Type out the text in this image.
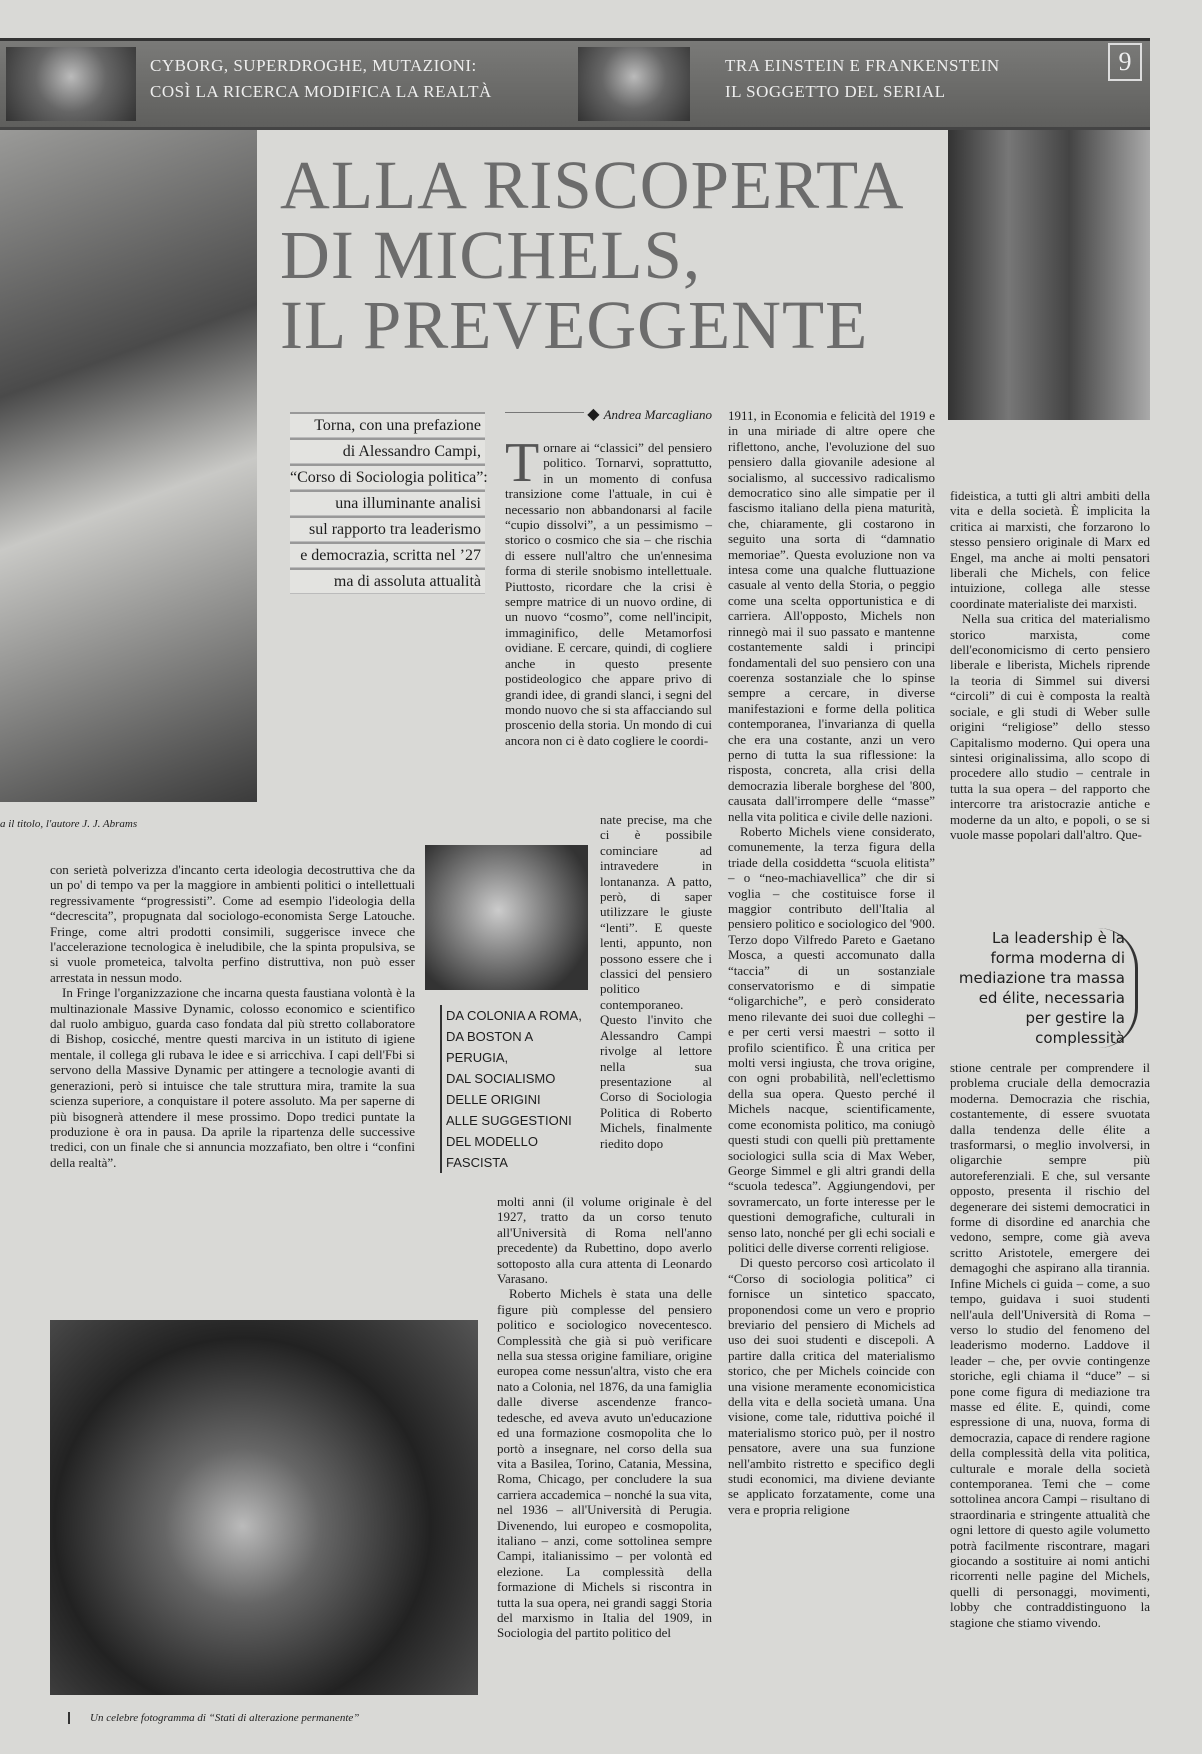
CYBORG, SUPERDROGHE, MUTAZIONI:
COSÌ LA RICERCA MODIFICA LA REALTÀ
TRA EINSTEIN E FRANKENSTEIN
IL SOGGETTO DEL SERIAL
9
a il titolo, l'autore J. J. Abrams
ALLA RISCOPERTA
DI MICHELS,
IL PREVEGGENTE
Torna, con una prefazione
di Alessandro Campi,
“Corso di Sociologia politica”:
una illuminante analisi
sul rapporto tra leaderismo
e democrazia, scritta nel ’27
ma di assoluta attualità
◆ Andrea Marcagliano
T ornare ai “classici” del pensiero politico. Tornarvi, soprattutto, in un momento di confusa transizione come l'attuale, in cui è necessario non abbandonarsi al facile “cupio dissolvi”, a un pessimismo – storico o cosmico che sia – che rischia di essere null'altro che un'ennesima forma di sterile snobismo intellettuale. Piuttosto, ricordare che la crisi è sempre matrice di un nuovo ordine, di un nuovo “cosmo”, come nell'incipit, immaginifico, delle Metamorfosi ovidiane. E cercare, quindi, di cogliere anche in questo presente postideologico che appare privo di grandi idee, di grandi slanci, i segni del mondo nuovo che si sta affacciando sul proscenio della storia. Un mondo di cui ancora non ci è dato cogliere le coordi-

nate precise, ma che ci è possibile cominciare ad intravedere in lontananza. A patto, però, di saper utilizzare le giuste “lenti”. E queste lenti, appunto, non possono essere che i classici del pensiero politico contemporaneo. Questo l'invito che Alessandro Campi rivolge al lettore nella sua presentazione al Corso di Sociologia Politica di Roberto Michels, finalmente riedito dopo

molti anni (il volume originale è del 1927, tratto da un corso tenuto all'Università di Roma nell'anno precedente) da Rubettino, dopo averlo sottoposto alla cura attenta di Leonardo Varasano.

Roberto Michels è stata una delle figure più complesse del pensiero politico e sociologico novecentesco. Complessità che già si può verificare nella sua stessa origine familiare, origine europea come nessun'altra, visto che era nato a Colonia, nel 1876, da una famiglia dalle diverse ascendenze franco-tedesche, ed aveva avuto un'educazione ed una formazione cosmopolita che lo portò a insegnare, nel corso della sua vita a Basilea, Torino, Catania, Messina, Roma, Chicago, per concludere la sua carriera accademica – nonché la sua vita, nel 1936 – all'Università di Perugia. Divenendo, lui europeo e cosmopolita, italiano – anzi, come sottolinea sempre Campi, italianissimo – per volontà ed elezione. La complessità della formazione di Michels si riscontra in tutta la sua opera, nei grandi saggi Storia del marxismo in Italia del 1909, in Sociologia del partito politico del

DA COLONIA A ROMA,
DA BOSTON A PERUGIA,
DAL SOCIALISMO
DELLE ORIGINI
ALLE SUGGESTIONI
DEL MODELLO FASCISTA

1911, in Economia e felicità del 1919 e in una miriade di altre opere che riflettono, anche, l'evoluzione del suo pensiero dalla giovanile adesione al socialismo, al successivo radicalismo democratico sino alle simpatie per il fascismo italiano della piena maturità, che, chiaramente, gli costarono in seguito una sorta di “damnatio memoriae”. Questa evoluzione non va intesa come una qualche fluttuazione casuale al vento della Storia, o peggio come una scelta opportunistica e di carriera. All'opposto, Michels non rinnegò mai il suo passato e mantenne costantemente saldi i principi fondamentali del suo pensiero con una coerenza sostanziale che lo spinse sempre a cercare, in diverse manifestazioni e forme della politica contemporanea, l'invarianza di quella che era una costante, anzi un vero perno di tutta la sua riflessione: la risposta, concreta, alla crisi della democrazia liberale borghese del '800, causata dall'irrompere delle “masse” nella vita politica e civile delle nazioni.

Roberto Michels viene considerato, comunemente, la terza figura della triade della cosiddetta “scuola elitista” – o “neo-machiavellica” che dir si voglia – che costituisce forse il maggior contributo dell'Italia al pensiero politico e sociologico del '900. Terzo dopo Vilfredo Pareto e Gaetano Mosca, a questi accomunato dalla “taccia” di un sostanziale conservatorismo e di simpatie “oligarchiche”, e però considerato meno rilevante dei suoi due colleghi – e per certi versi maestri – sotto il profilo scientifico. È una critica per molti versi ingiusta, che trova origine, con ogni probabilità, nell'eclettismo della sua opera. Questo perché il Michels nacque, scientificamente, come economista politico, ma coniugò questi studi con quelli più prettamente sociologici sulla scia di Max Weber, George Simmel e gli altri grandi della “scuola tedesca”. Aggiungendovi, per sovramercato, un forte interesse per le questioni demografiche, culturali in senso lato, nonché per gli echi sociali e politici delle diverse correnti religiose.

Di questo percorso così articolato il “Corso di sociologia politica” ci fornisce un sintetico spaccato, proponendosi come un vero e proprio breviario del pensiero di Michels ad uso dei suoi studenti e discepoli. A partire dalla critica del materialismo storico, che per Michels coincide con una visione meramente economicistica della vita e della società umana. Una visione, come tale, riduttiva poiché il materialismo storico può, per il nostro pensatore, avere una sua funzione nell'ambito ristretto e specifico degli studi economici, ma diviene deviante se applicato forzatamente, come una vera e propria religione

fideistica, a tutti gli altri ambiti della vita e della società. È implicita la critica ai marxisti, che forzarono lo stesso pensiero originale di Marx ed Engel, ma anche ai molti pensatori liberali che Michels, con felice intuizione, collega alle stesse coordinate materialiste dei marxisti.

Nella sua critica del materialismo storico marxista, come dell'economicismo di certo pensiero liberale e liberista, Michels riprende la teoria di Simmel sui diversi “circoli” di cui è composta la realtà sociale, e gli studi di Weber sulle origini “religiose” dello stesso Capitalismo moderno. Qui opera una sintesi originalissima, allo scopo di procedere allo studio – centrale in tutta la sua opera – del rapporto che intercorre tra aristocrazie antiche e moderne da un alto, e popoli, o se si vuole masse popolari dall'altro. Que-

La leadership è la forma moderna di mediazione tra massa ed élite, necessaria per gestire la complessità

stione centrale per comprendere il problema cruciale della democrazia moderna. Democrazia che rischia, costantemente, di essere svuotata dalla tendenza delle élite a trasformarsi, o meglio involversi, in oligarchie sempre più autoreferenziali. E che, sul versante opposto, presenta il rischio del degenerare dei sistemi democratici in forme di disordine ed anarchia che vedono, sempre, come già aveva scritto Aristotele, emergere dei demagoghi che aspirano alla tirannia. Infine Michels ci guida – come, a suo tempo, guidava i suoi studenti nell'aula dell'Università di Roma – verso lo studio del fenomeno del leaderismo moderno. Laddove il leader – che, per ovvie contingenze storiche, egli chiama il “duce” – si pone come figura di mediazione tra masse ed élite. E, quindi, come espressione di una, nuova, forma di democrazia, capace di rendere ragione della complessità della vita politica, culturale e morale della società contemporanea. Temi che – come sottolinea ancora Campi – risultano di straordinaria e stringente attualità che ogni lettore di questo agile volumetto potrà facilmente riscontrare, magari giocando a sostituire ai nomi antichi ricorrenti nelle pagine del Michels, quelli di personaggi, movimenti, lobby che contraddistinguono la stagione che stiamo vivendo.

con serietà polverizza d'incanto certa ideologia decostruttiva che da un po' di tempo va per la maggiore in ambienti politici o intellettuali regressivamente “progressisti”. Come ad esempio l'ideologia della “decrescita”, propugnata dal sociologo-economista Serge Latouche. Fringe, come altri prodotti consimili, suggerisce invece che l'accelerazione tecnologica è ineludibile, che la spinta propulsiva, se si vuole prometeica, talvolta perfino distruttiva, non può esser arrestata in nessun modo.

In Fringe l'organizzazione che incarna questa faustiana volontà è la multinazionale Massive Dynamic, colosso economico e scientifico dal ruolo ambiguo, guarda caso fondata dal più stretto collaboratore di Bishop, cosicché, mentre questi marciva in un istituto di igiene mentale, il collega gli rubava le idee e si arricchiva. I capi dell'Fbi si servono della Massive Dynamic per attingere a tecnologie avanti di generazioni, però si intuisce che tale struttura mira, tramite la sua scienza superiore, a conquistare il potere assoluto. Ma per saperne di più bisognerà attendere il mese prossimo. Dopo tredici puntate la produzione è ora in pausa. Da aprile la ripartenza delle successive tredici, con un finale che si annuncia mozzafiato, ben oltre i “confini della realtà”.

Un celebre fotogramma di “Stati di alterazione permanente”
